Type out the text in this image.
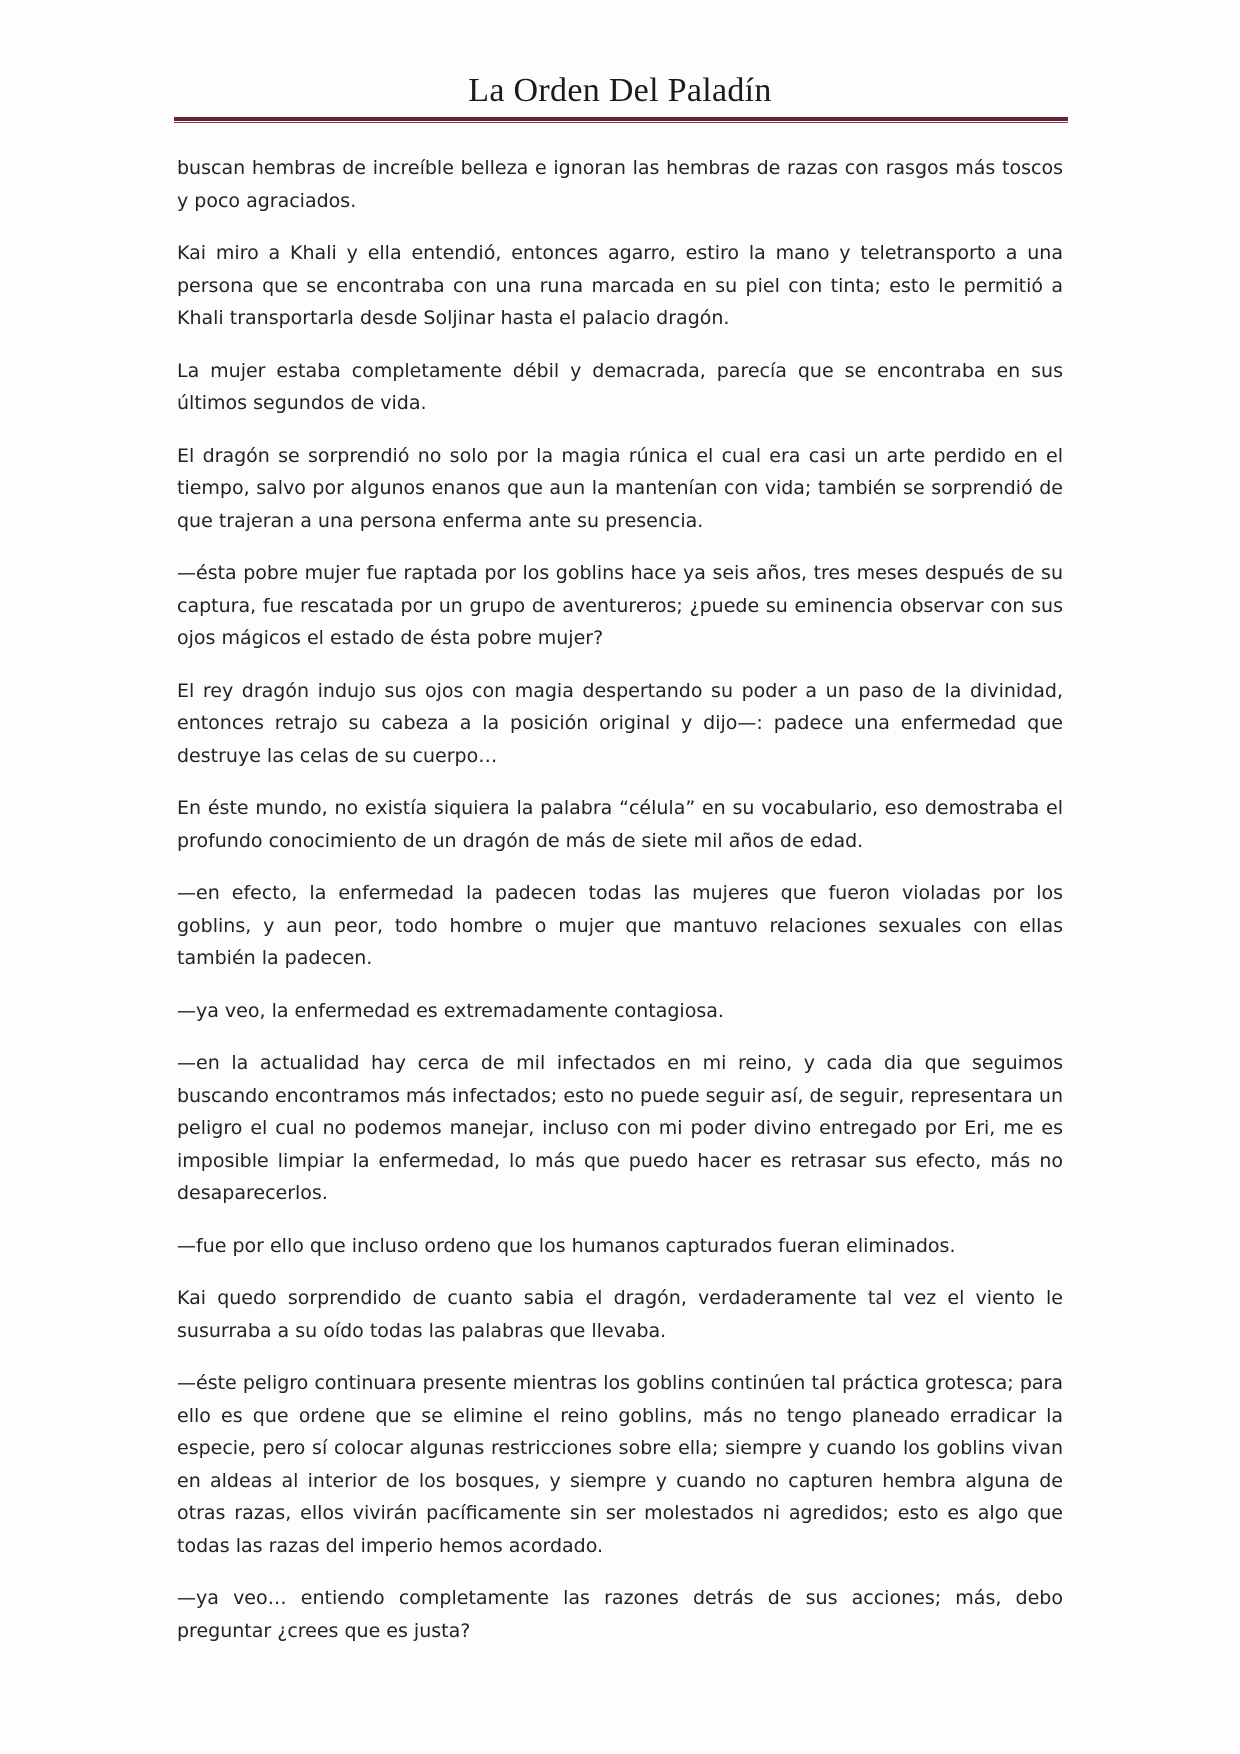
La Orden Del Paladín

buscan hembras de increíble belleza e ignoran las hembras de razas con rasgos más toscos y poco agraciados.

Kai miro a Khali y ella entendió, entonces agarro, estiro la mano y teletransporto a una persona que se encontraba con una runa marcada en su piel con tinta; esto le permitió a Khali transportarla desde Soljinar hasta el palacio dragón.

La mujer estaba completamente débil y demacrada, parecía que se encontraba en sus últimos segundos de vida.

El dragón se sorprendió no solo por la magia rúnica el cual era casi un arte perdido en el tiempo, salvo por algunos enanos que aun la mantenían con vida; también se sorprendió de que trajeran a una persona enferma ante su presencia.

—ésta pobre mujer fue raptada por los goblins hace ya seis años, tres meses después de su captura, fue rescatada por un grupo de aventureros; ¿puede su eminencia observar con sus ojos mágicos el estado de ésta pobre mujer?

El rey dragón indujo sus ojos con magia despertando su poder a un paso de la divinidad, entonces retrajo su cabeza a la posición original y dijo—: padece una enfermedad que destruye las celas de su cuerpo…

En éste mundo, no existía siquiera la palabra “célula” en su vocabulario, eso demostraba el profundo conocimiento de un dragón de más de siete mil años de edad.

—en efecto, la enfermedad la padecen todas las mujeres que fueron violadas por los goblins, y aun peor, todo hombre o mujer que mantuvo relaciones sexuales con ellas también la padecen.

—ya veo, la enfermedad es extremadamente contagiosa.

—en la actualidad hay cerca de mil infectados en mi reino, y cada dia que seguimos buscando encontramos más infectados; esto no puede seguir así, de seguir, representara un peligro el cual no podemos manejar, incluso con mi poder divino entregado por Eri, me es imposible limpiar la enfermedad, lo más que puedo hacer es retrasar sus efecto, más no desaparecerlos.

—fue por ello que incluso ordeno que los humanos capturados fueran eliminados.

Kai quedo sorprendido de cuanto sabia el dragón, verdaderamente tal vez el viento le susurraba a su oído todas las palabras que llevaba.

—éste peligro continuara presente mientras los goblins continúen tal práctica grotesca; para ello es que ordene que se elimine el reino goblins, más no tengo planeado erradicar la especie, pero sí colocar algunas restricciones sobre ella; siempre y cuando los goblins vivan en aldeas al interior de los bosques, y siempre y cuando no capturen hembra alguna de otras razas, ellos vivirán pacíficamente sin ser molestados ni agredidos; esto es algo que todas las razas del imperio hemos acordado.

—ya veo… entiendo completamente las razones detrás de sus acciones; más, debo preguntar ¿crees que es justa?
